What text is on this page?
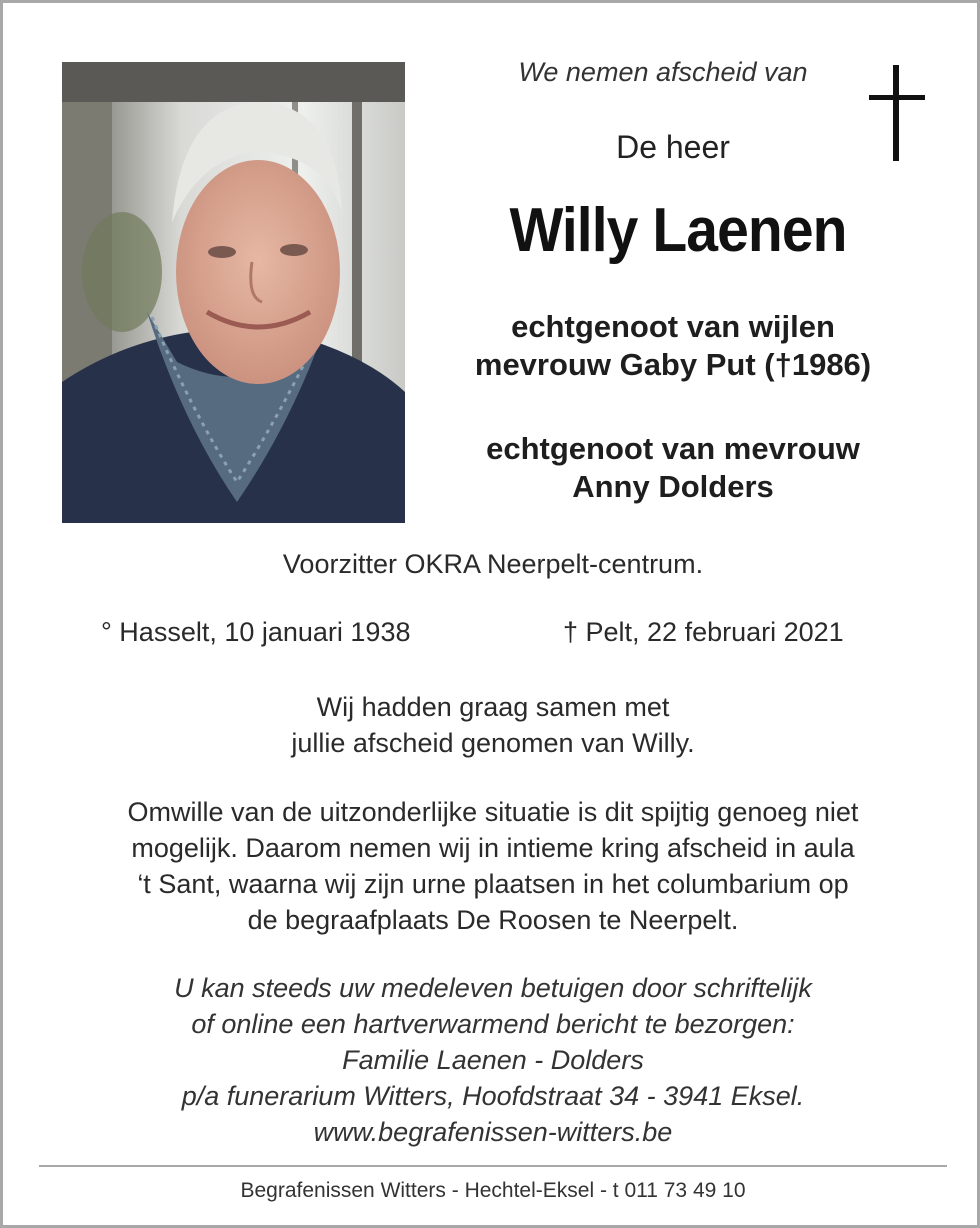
We nemen afscheid van
De heer
Willy Laenen
echtgenoot van wijlen
mevrouw Gaby Put (†1986)
echtgenoot van mevrouw
Anny Dolders
Voorzitter OKRA Neerpelt-centrum.
° Hasselt, 10 januari 1938	† Pelt, 22 februari 2021
Wij hadden graag samen met
jullie afscheid genomen van Willy.
Omwille van de uitzonderlijke situatie is dit spijtig genoeg niet
mogelijk. Daarom nemen wij in intieme kring afscheid in aula
‘t Sant, waarna wij zijn urne plaatsen in het columbarium op
de begraafplaats De Roosen te Neerpelt.
U kan steeds uw medeleven betuigen door schriftelijk
of online een hartverwarmend bericht te bezorgen:
Familie Laenen - Dolders
p/a funerarium Witters, Hoofdstraat 34 - 3941 Eksel.
www.begrafenissen-witters.be
Begrafenissen Witters - Hechtel-Eksel - t 011 73 49 10
